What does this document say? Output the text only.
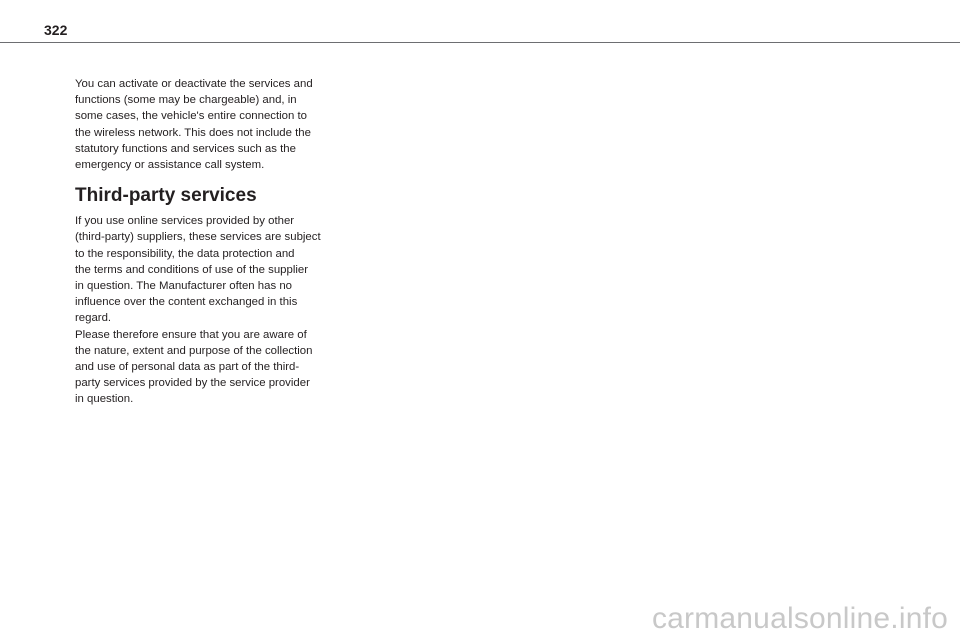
322
You can activate or deactivate the services and
functions (some may be chargeable) and, in
some cases, the vehicle's entire connection to
the wireless network. This does not include the
statutory functions and services such as the
emergency or assistance call system.
Third-party services
If you use online services provided by other
(third-party) suppliers, these services are subject
to the responsibility, the data protection and
the terms and conditions of use of the supplier
in question. The Manufacturer often has no
influence over the content exchanged in this
regard.
Please therefore ensure that you are aware of
the nature, extent and purpose of the collection
and use of personal data as part of the third-
party services provided by the service provider
in question.
carmanualsonline.info
